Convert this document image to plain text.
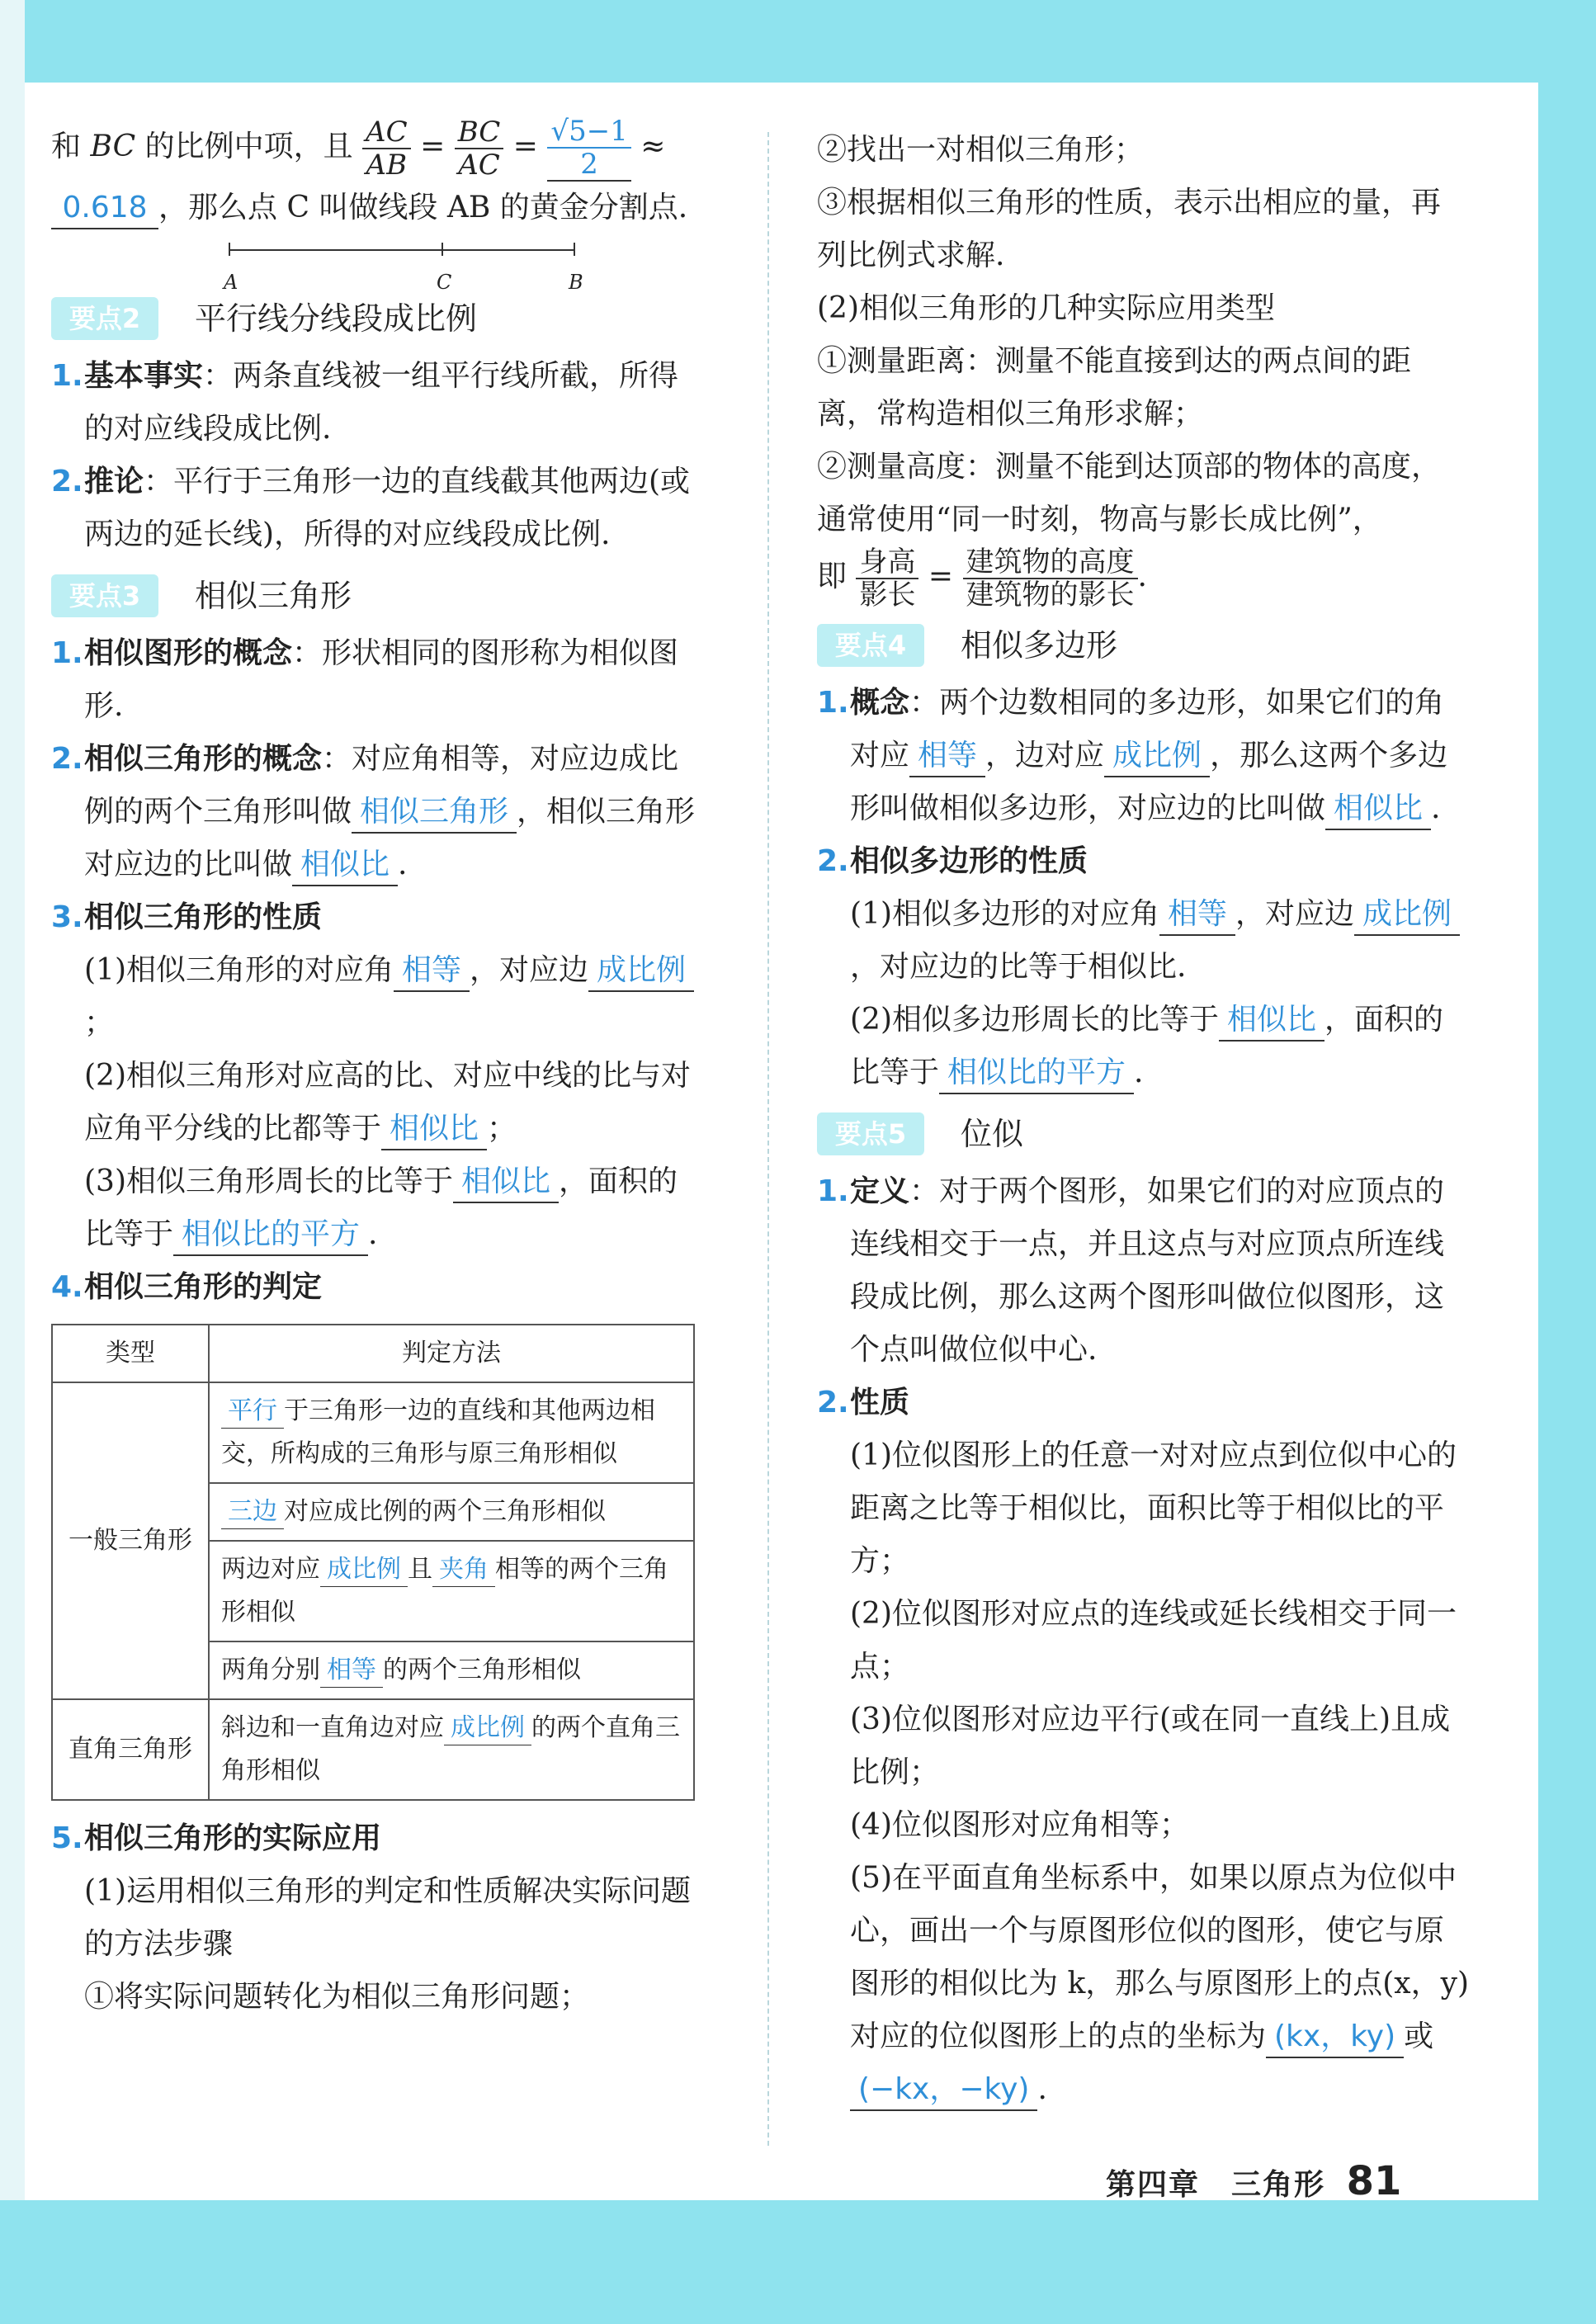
和 BC 的比例中项，且 $\frac{AC}{AB} = \frac{BC}{AC} = \frac{√5-1}{2}$ ≈
0.618 ，那么点 C 叫做线段 AB 的黄金分割点.

A	C	B
要点2	平行线分线段成比例
1. 基本事实：两条直线被一组平行线所截，所得的对应线段成比例.
2. 推论：平行于三角形一边的直线截其他两边(或两边的延长线)，所得的对应线段成比例.
要点3	相似三角形
1. 相似图形的概念：形状相同的图形称为相似图形.
2. 相似三角形的概念：对应角相等，对应边成比例的两个三角形叫做 相似三角形 ，相似三角形对应边的比叫做 相似比 .
3. 相似三角形的性质

(1)相似三角形的对应角 相等 ，对应边 成比例；

(2)相似三角形对应高的比、对应中线的比与对应角平分线的比都等于 相似比 ；

(3)相似三角形周长的比等于 相似比 ，面积的比等于 相似比的平方 .

4. 相似三角形的判定
类型	判定方法
一般三角形	平行 于三角形一边的直线和其他两边相交，所构成的三角形与原三角形相似
	三边 对应成比例的两个三角形相似
	两边对应 成比例 且 夹角 相等的两个三角形相似
	两角分别 相等 的两个三角形相似
直角三角形	斜边和一直角边对应 成比例 的两个直角三角形相似
5. 相似三角形的实际应用

(1)运用相似三角形的判定和性质解决实际问题的方法步骤

①将实际问题转化为相似三角形问题；

②找出一对相似三角形；

③根据相似三角形的性质，表示出相应的量，再列比例式求解.

(2)相似三角形的几种实际应用类型

①测量距离：测量不能直接到达的两点间的距离，常构造相似三角形求解；

②测量高度：测量不能到达顶部的物体的高度，通常使用“同一时刻，物高与影长成比例”，

即 $\frac{\text{身高}}{\text{影长}} = \frac{\text{建筑物的高度}}{\text{建筑物的影长}}$ .

要点4	相似多边形
1. 概念：两个边数相同的多边形，如果它们的角对应 相等 ，边对应 成比例 ，那么这两个多边形叫做相似多边形，对应边的比叫做 相似比 .
2. 相似多边形的性质

(1)相似多边形的对应角 相等 ，对应边 成比例，对应边的比等于相似比.

(2)相似多边形周长的比等于 相似比 ，面积的比等于 相似比的平方 .

要点5	位似
1. 定义：对于两个图形，如果它们的对应顶点的连线相交于一点，并且这点与对应顶点所连线段成比例，那么这两个图形叫做位似图形，这个点叫做位似中心.
2. 性质

(1)位似图形上的任意一对对应点到位似中心的距离之比等于相似比，面积比等于相似比的平方；

(2)位似图形对应点的连线或延长线相交于同一点；

(3)位似图形对应边平行(或在同一直线上)且成比例；

(4)位似图形对应角相等；

(5)在平面直角坐标系中，如果以原点为位似中心，画出一个与原图形位似的图形，使它与原图形的相似比为 k，那么与原图形上的点(x，y)对应的位似图形上的点的坐标为 (kx，ky) 或(−kx，−ky) .

第四章　三角形 81
